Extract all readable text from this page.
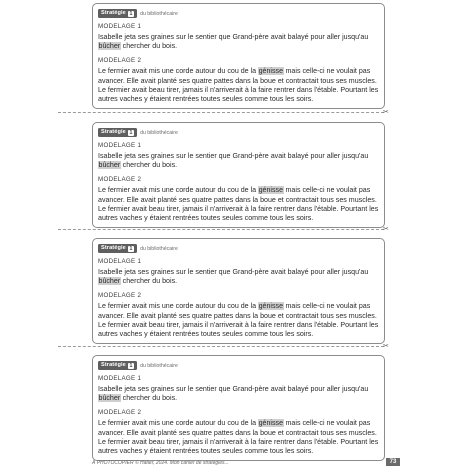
Stratégie 1 du bibliothécaire
MODELAGE 1

Isabelle jeta ses graines sur le sentier que Grand-père avait balayé pour aller jusqu'au bûcher chercher du bois.

MODELAGE 2

Le fermier avait mis une corde autour du cou de la génisse mais celle-ci ne voulait pas avancer. Elle avait planté ses quatre pattes dans la boue et contractait tous ses muscles. Le fermier avait beau tirer, jamais il n'arriverait à la faire rentrer dans l'étable. Pourtant les autres vaches y étaient rentrées toutes seules comme tous les soirs.

✂
Stratégie 1 du bibliothécaire
MODELAGE 1

Isabelle jeta ses graines sur le sentier que Grand-père avait balayé pour aller jusqu'au bûcher chercher du bois.

MODELAGE 2

Le fermier avait mis une corde autour du cou de la génisse mais celle-ci ne voulait pas avancer. Elle avait planté ses quatre pattes dans la boue et contractait tous ses muscles. Le fermier avait beau tirer, jamais il n'arriverait à la faire rentrer dans l'étable. Pourtant les autres vaches y étaient rentrées toutes seules comme tous les soirs.

✂
Stratégie 1 du bibliothécaire
MODELAGE 1

Isabelle jeta ses graines sur le sentier que Grand-père avait balayé pour aller jusqu'au bûcher chercher du bois.

MODELAGE 2

Le fermier avait mis une corde autour du cou de la génisse mais celle-ci ne voulait pas avancer. Elle avait planté ses quatre pattes dans la boue et contractait tous ses muscles. Le fermier avait beau tirer, jamais il n'arriverait à la faire rentrer dans l'étable. Pourtant les autres vaches y étaient rentrées toutes seules comme tous les soirs.

✂
Stratégie 1 du bibliothécaire
MODELAGE 1

Isabelle jeta ses graines sur le sentier que Grand-père avait balayé pour aller jusqu'au bûcher chercher du bois.

MODELAGE 2

Le fermier avait mis une corde autour du cou de la génisse mais celle-ci ne voulait pas avancer. Elle avait planté ses quatre pattes dans la boue et contractait tous ses muscles. Le fermier avait beau tirer, jamais il n'arriverait à la faire rentrer dans l'étable. Pourtant les autres vaches y étaient rentrées toutes seules comme tous les soirs.

À PHOTOCOPIER © Hatier, 2024. Mon cahier de stratégies...	73
